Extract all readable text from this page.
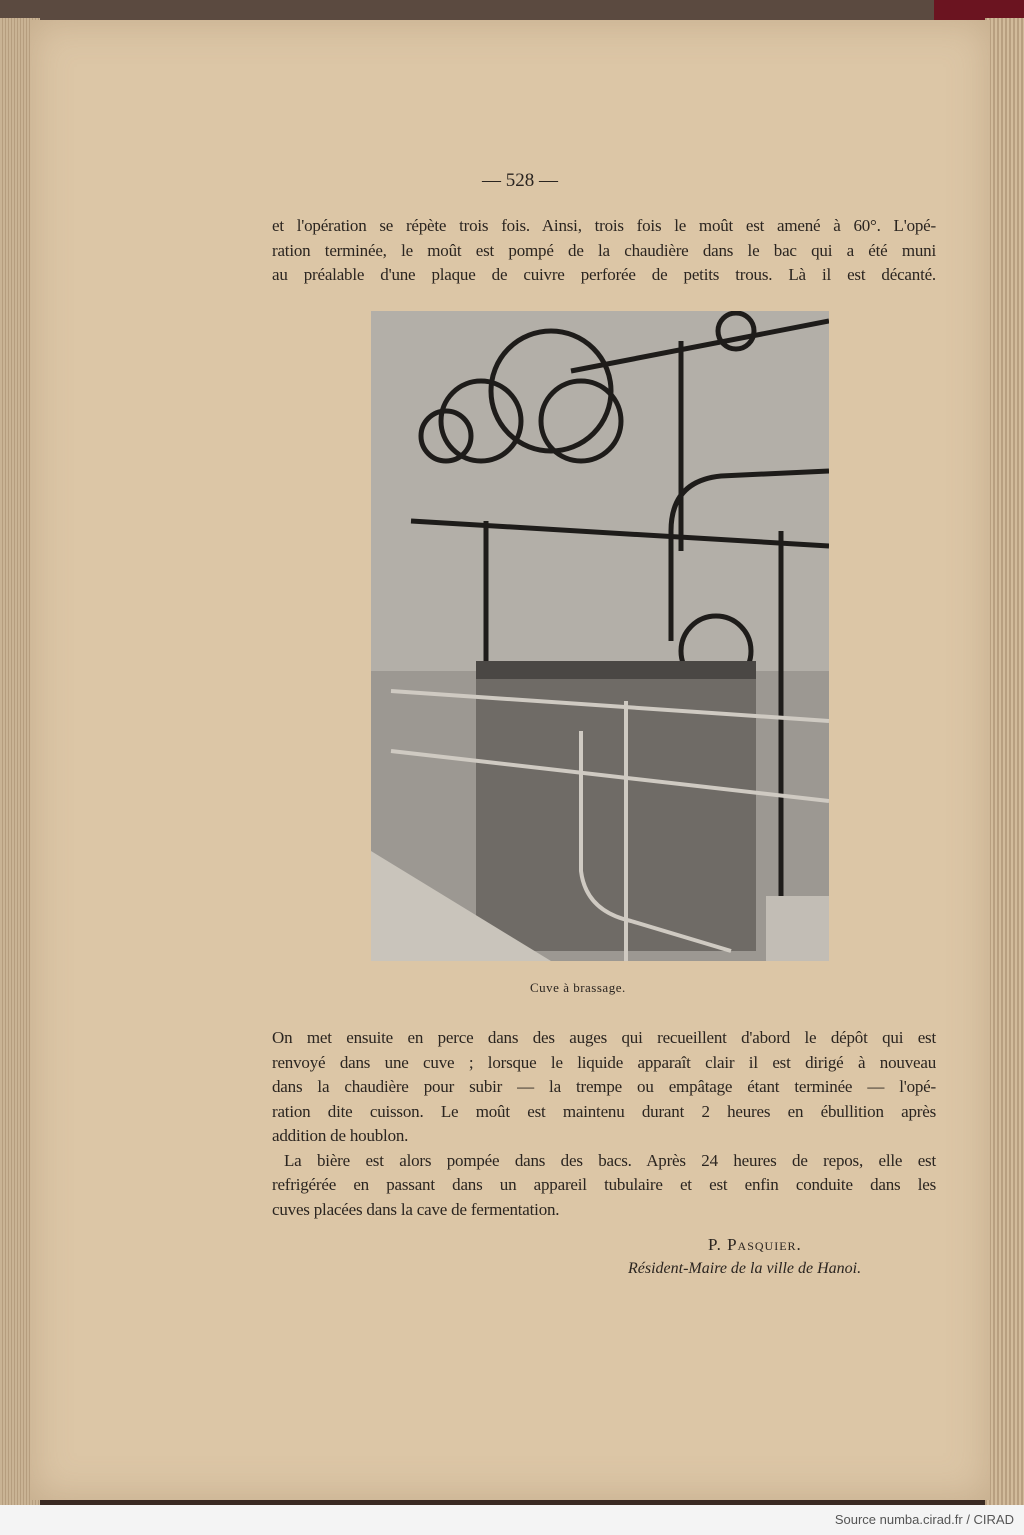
— 528 —
et l'opération se répète trois fois. Ainsi, trois fois le moût est amené à 60°. L'opé-
ration terminée, le moût est pompé de la chaudière dans le bac qui a été muni
au préalable d'une plaque de cuivre perforée de petits trous. Là il est décanté.
Cuve à brassage.
On met ensuite en perce dans des auges qui recueillent d'abord le dépôt qui est
renvoyé dans une cuve ; lorsque le liquide apparaît clair il est dirigé à nouveau
dans la chaudière pour subir — la trempe ou empâtage étant terminée — l'opé-
ration dite cuisson. Le moût est maintenu durant 2 heures en ébullition après
addition de houblon.
La bière est alors pompée dans des bacs. Après 24 heures de repos, elle est
refrigérée en passant dans un appareil tubulaire et est enfin conduite dans les
cuves placées dans la cave de fermentation.
P. Pasquier.
Résident-Maire de la ville de Hanoi.
Source numba.cirad.fr / CIRAD
